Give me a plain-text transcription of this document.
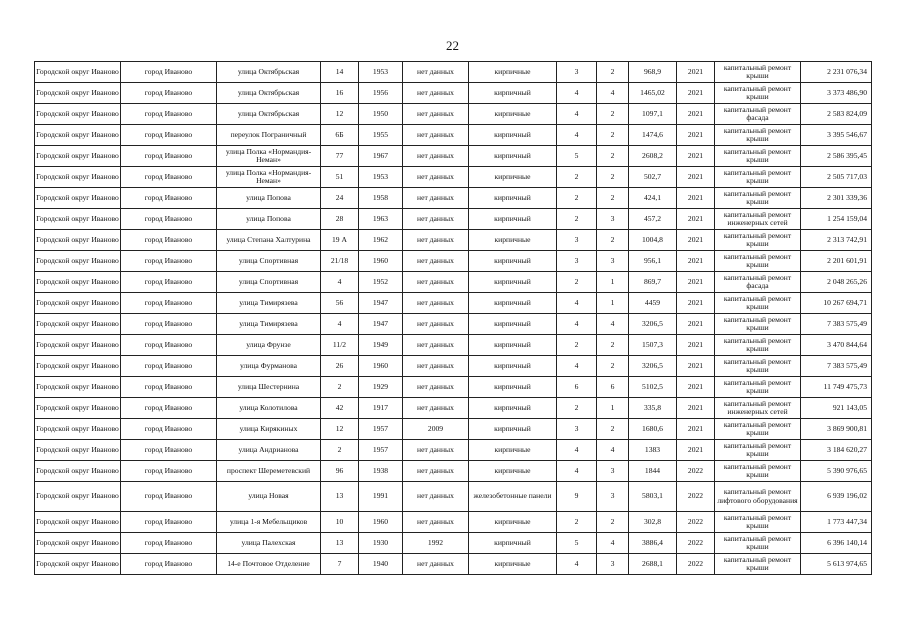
22
Городской округ Иваново	город Иваново	улица Октябрьская	14	1953	нет данных	кирпичные	3	2	968,9	2021	капитальный ремонт крыши	2 231 076,34
Городской округ Иваново	город Иваново	улица Октябрьская	16	1956	нет данных	кирпичный	4	4	1465,02	2021	капитальный ремонт крыши	3 373 486,90
Городской округ Иваново	город Иваново	улица Октябрьская	12	1950	нет данных	кирпичные	4	2	1097,1	2021	капитальный ремонт фасада	2 583 824,09
Городской округ Иваново	город Иваново	переулок Пограничный	6Б	1955	нет данных	кирпичный	4	2	1474,6	2021	капитальный ремонт крыши	3 395 546,67
Городской округ Иваново	город Иваново	улица Полка «Нормандия-Неман»	77	1967	нет данных	кирпичный	5	2	2608,2	2021	капитальный ремонт крыши	2 586 395,45
Городской округ Иваново	город Иваново	улица Полка «Нормандия-Неман»	51	1953	нет данных	кирпичные	2	2	502,7	2021	капитальный ремонт крыши	2 505 717,03
Городской округ Иваново	город Иваново	улица Попова	24	1958	нет данных	кирпичный	2	2	424,1	2021	капитальный ремонт крыши	2 301 339,36
Городской округ Иваново	город Иваново	улица Попова	28	1963	нет данных	кирпичный	2	3	457,2	2021	капитальный ремонт инженерных сетей	1 254 159,04
Городской округ Иваново	город Иваново	улица Степана Халтурина	19 А	1962	нет данных	кирпичные	3	2	1004,8	2021	капитальный ремонт крыши	2 313 742,91
Городской округ Иваново	город Иваново	улица Спортивная	21/18	1960	нет данных	кирпичный	3	3	956,1	2021	капитальный ремонт крыши	2 201 601,91
Городской округ Иваново	город Иваново	улица Спортивная	4	1952	нет данных	кирпичный	2	1	869,7	2021	капитальный ремонт фасада	2 048 265,26
Городской округ Иваново	город Иваново	улица Тимирязева	56	1947	нет данных	кирпичный	4	1	4459	2021	капитальный ремонт крыши	10 267 694,71
Городской округ Иваново	город Иваново	улица Тимирязева	4	1947	нет данных	кирпичный	4	4	3206,5	2021	капитальный ремонт крыши	7 383 575,49
Городской округ Иваново	город Иваново	улица Фрунзе	11/2	1949	нет данных	кирпичный	2	2	1507,3	2021	капитальный ремонт крыши	3 470 844,64
Городской округ Иваново	город Иваново	улица Фурманова	26	1960	нет данных	кирпичный	4	2	3206,5	2021	капитальный ремонт крыши	7 383 575,49
Городской округ Иваново	город Иваново	улица Шестернина	2	1929	нет данных	кирпичный	6	6	5102,5	2021	капитальный ремонт крыши	11 749 475,73
Городской округ Иваново	город Иваново	улица Колотилова	42	1917	нет данных	кирпичный	2	1	335,8	2021	капитальный ремонт инженерных сетей	921 143,05
Городской округ Иваново	город Иваново	улица Кирякиных	12	1957	2009	кирпичный	3	2	1680,6	2021	капитальный ремонт крыши	3 869 900,81
Городской округ Иваново	город Иваново	улица Андрианова	2	1957	нет данных	кирпичные	4	4	1383	2021	капитальный ремонт крыши	3 184 620,27
Городской округ Иваново	город Иваново	проспект Шереметевский	96	1938	нет данных	кирпичные	4	3	1844	2022	капитальный ремонт крыши	5 390 976,65
Городской округ Иваново	город Иваново	улица Новая	13	1991	нет данных	железобетонные панели	9	3	5803,1	2022	капитальный ремонт лифтового оборудования	6 939 196,02
Городской округ Иваново	город Иваново	улица 1-я Мебельщиков	10	1960	нет данных	кирпичные	2	2	302,8	2022	капитальный ремонт крыши	1 773 447,34
Городской округ Иваново	город Иваново	улица Палехская	13	1930	1992	кирпичный	5	4	3886,4	2022	капитальный ремонт крыши	6 396 140,14
Городской округ Иваново	город Иваново	14-е Почтовое Отделение	7	1940	нет данных	кирпичные	4	3	2688,1	2022	капитальный ремонт крыши	5 613 974,65
